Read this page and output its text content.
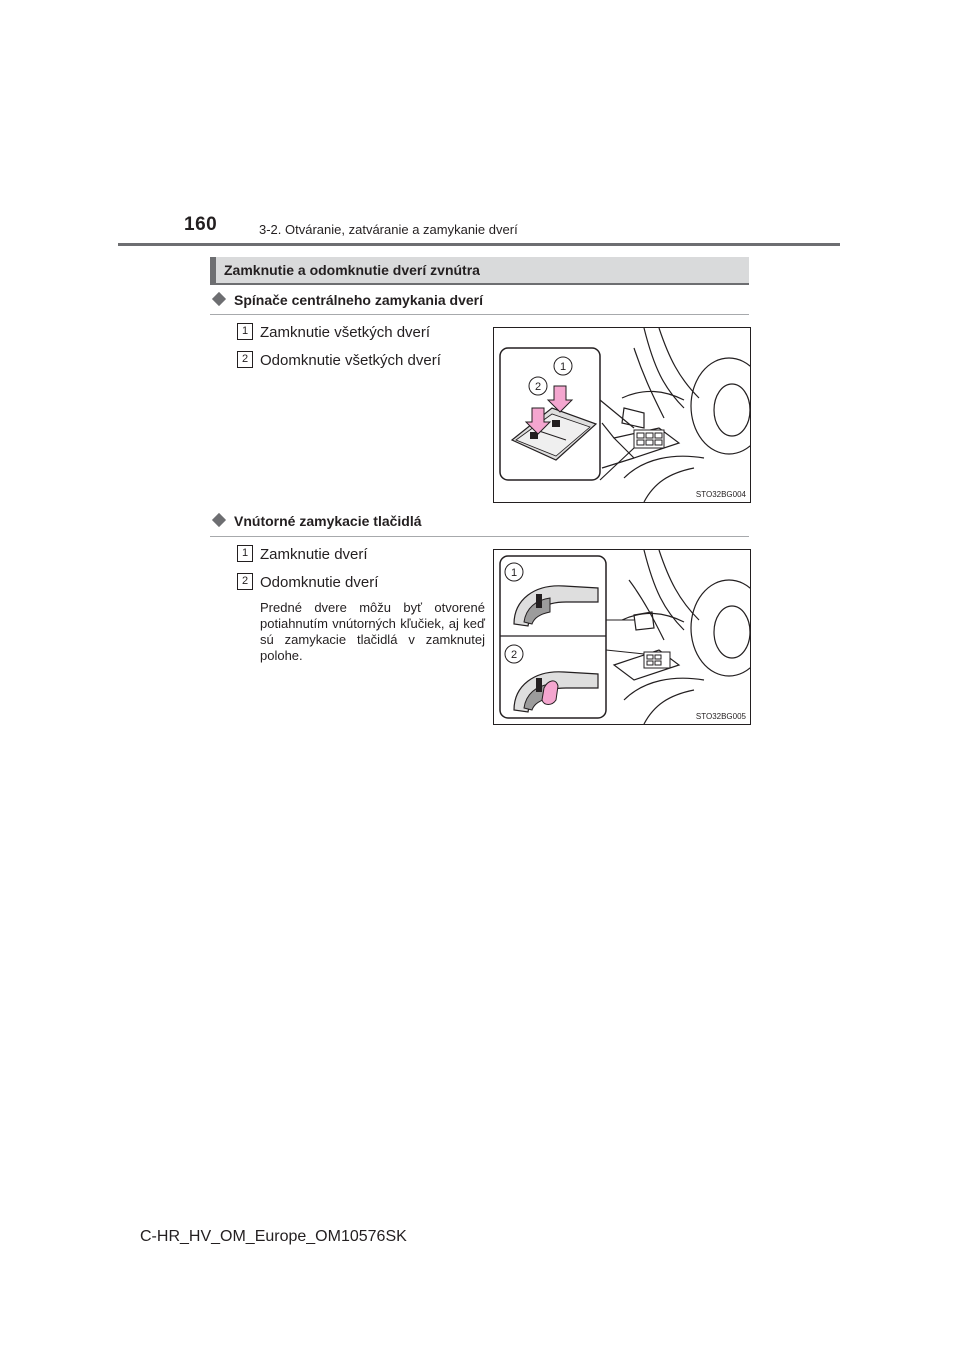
160	3-2. Otváranie, zatváranie a zamykanie dverí
Zamknutie a odomknutie dverí zvnútra
Spínače centrálneho zamykania dverí
1 Zamknutie všetkých dverí
2 Odomknutie všetkých dverí	1
2
STO32BG004
Vnútorné zamykacie tlačidlá
1 Zamknutie dverí
2 Odomknutie dverí
Predné dvere môžu byť otvorené potiahnutím vnútorných kľučiek, aj keď sú zamykacie tlačidlá v zamknutej polohe.
1
2
STO32BG005
C-HR_HV_OM_Europe_OM10576SK
